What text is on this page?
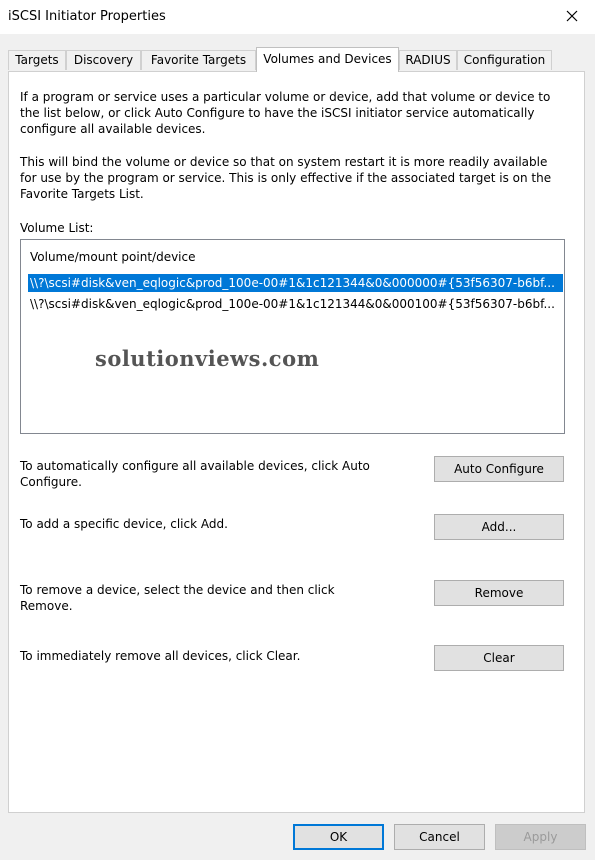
iSCSI Initiator Properties
Targets	Discovery	Favorite Targets	Volumes and Devices	RADIUS	Configuration
If a program or service uses a particular volume or device, add that volume or device to the list below, or click Auto Configure to have the iSCSI initiator service automatically configure all available devices.
This will bind the volume or device so that on system restart it is more readily available for use by the program or service. This is only effective if the associated target is on the Favorite Targets List.
Volume List:
Volume/mount point/device
\\?\scsi#disk&ven_eqlogic&prod_100e-00#1&1c121344&0&000000#{53f56307-b6bf...
\\?\scsi#disk&ven_eqlogic&prod_100e-00#1&1c121344&0&000100#{53f56307-b6bf...
solutionviews.com
To automatically configure all available devices, click Auto Configure.
Auto Configure
To add a specific device, click Add.	Add...
To remove a device, select the device and then click Remove.
Remove
To immediately remove all devices, click Clear.	Clear
OK	Cancel	Apply
